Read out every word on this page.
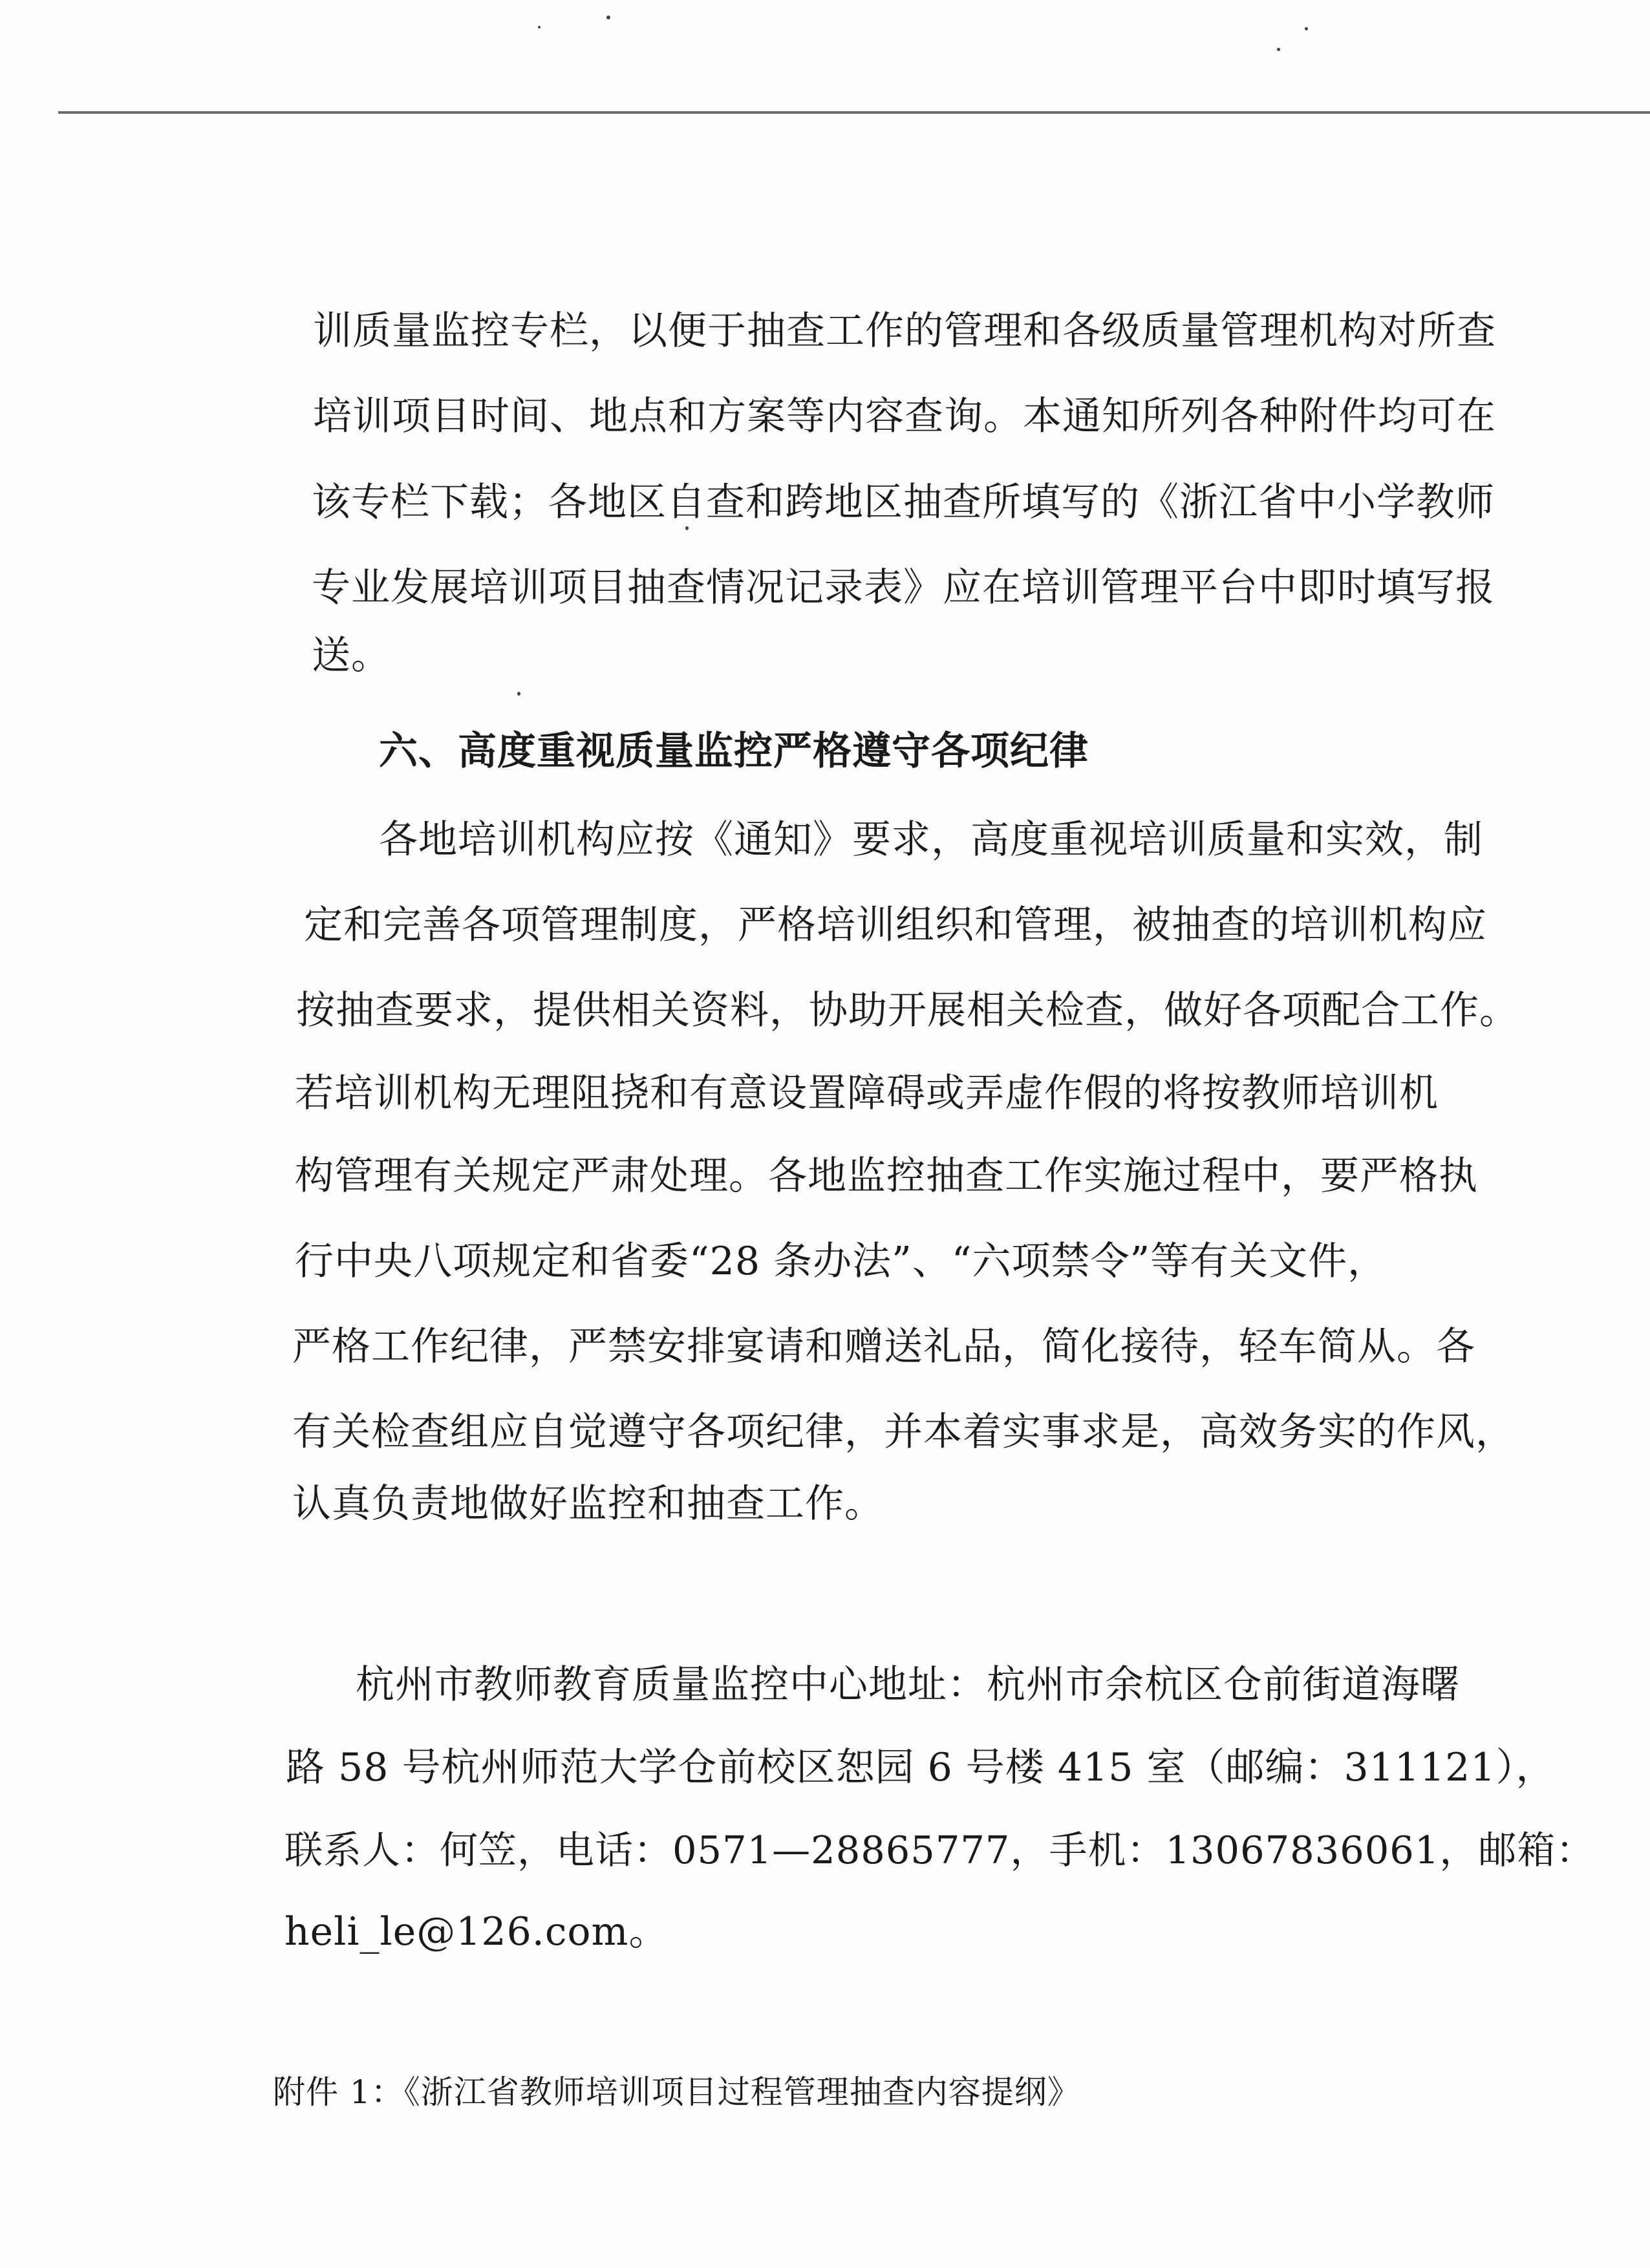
训质量监控专栏，以便于抽查工作的管理和各级质量管理机构对所查
培训项目时间、地点和方案等内容查询。本通知所列各种附件均可在
该专栏下载；各地区自查和跨地区抽查所填写的《浙江省中小学教师
专业发展培训项目抽查情况记录表》应在培训管理平台中即时填写报
送。
六、高度重视质量监控严格遵守各项纪律
各地培训机构应按《通知》要求，高度重视培训质量和实效，制
定和完善各项管理制度，严格培训组织和管理，被抽查的培训机构应
按抽查要求，提供相关资料，协助开展相关检查，做好各项配合工作。
若培训机构无理阻挠和有意设置障碍或弄虚作假的将按教师培训机
构管理有关规定严肃处理。各地监控抽查工作实施过程中，要严格执
行中央八项规定和省委“28 条办法”、“六项禁令”等有关文件，
严格工作纪律，严禁安排宴请和赠送礼品，简化接待，轻车简从。各
有关检查组应自觉遵守各项纪律，并本着实事求是，高效务实的作风，
认真负责地做好监控和抽查工作。
杭州市教师教育质量监控中心地址：杭州市余杭区仓前街道海曙
路 58 号杭州师范大学仓前校区恕园 6 号楼 415 室（邮编：311121），
联系人：何笠，电话：0571—28865777，手机：13067836061，邮箱：
heli_le@126.com。
附件 1：《浙江省教师培训项目过程管理抽查内容提纲》
